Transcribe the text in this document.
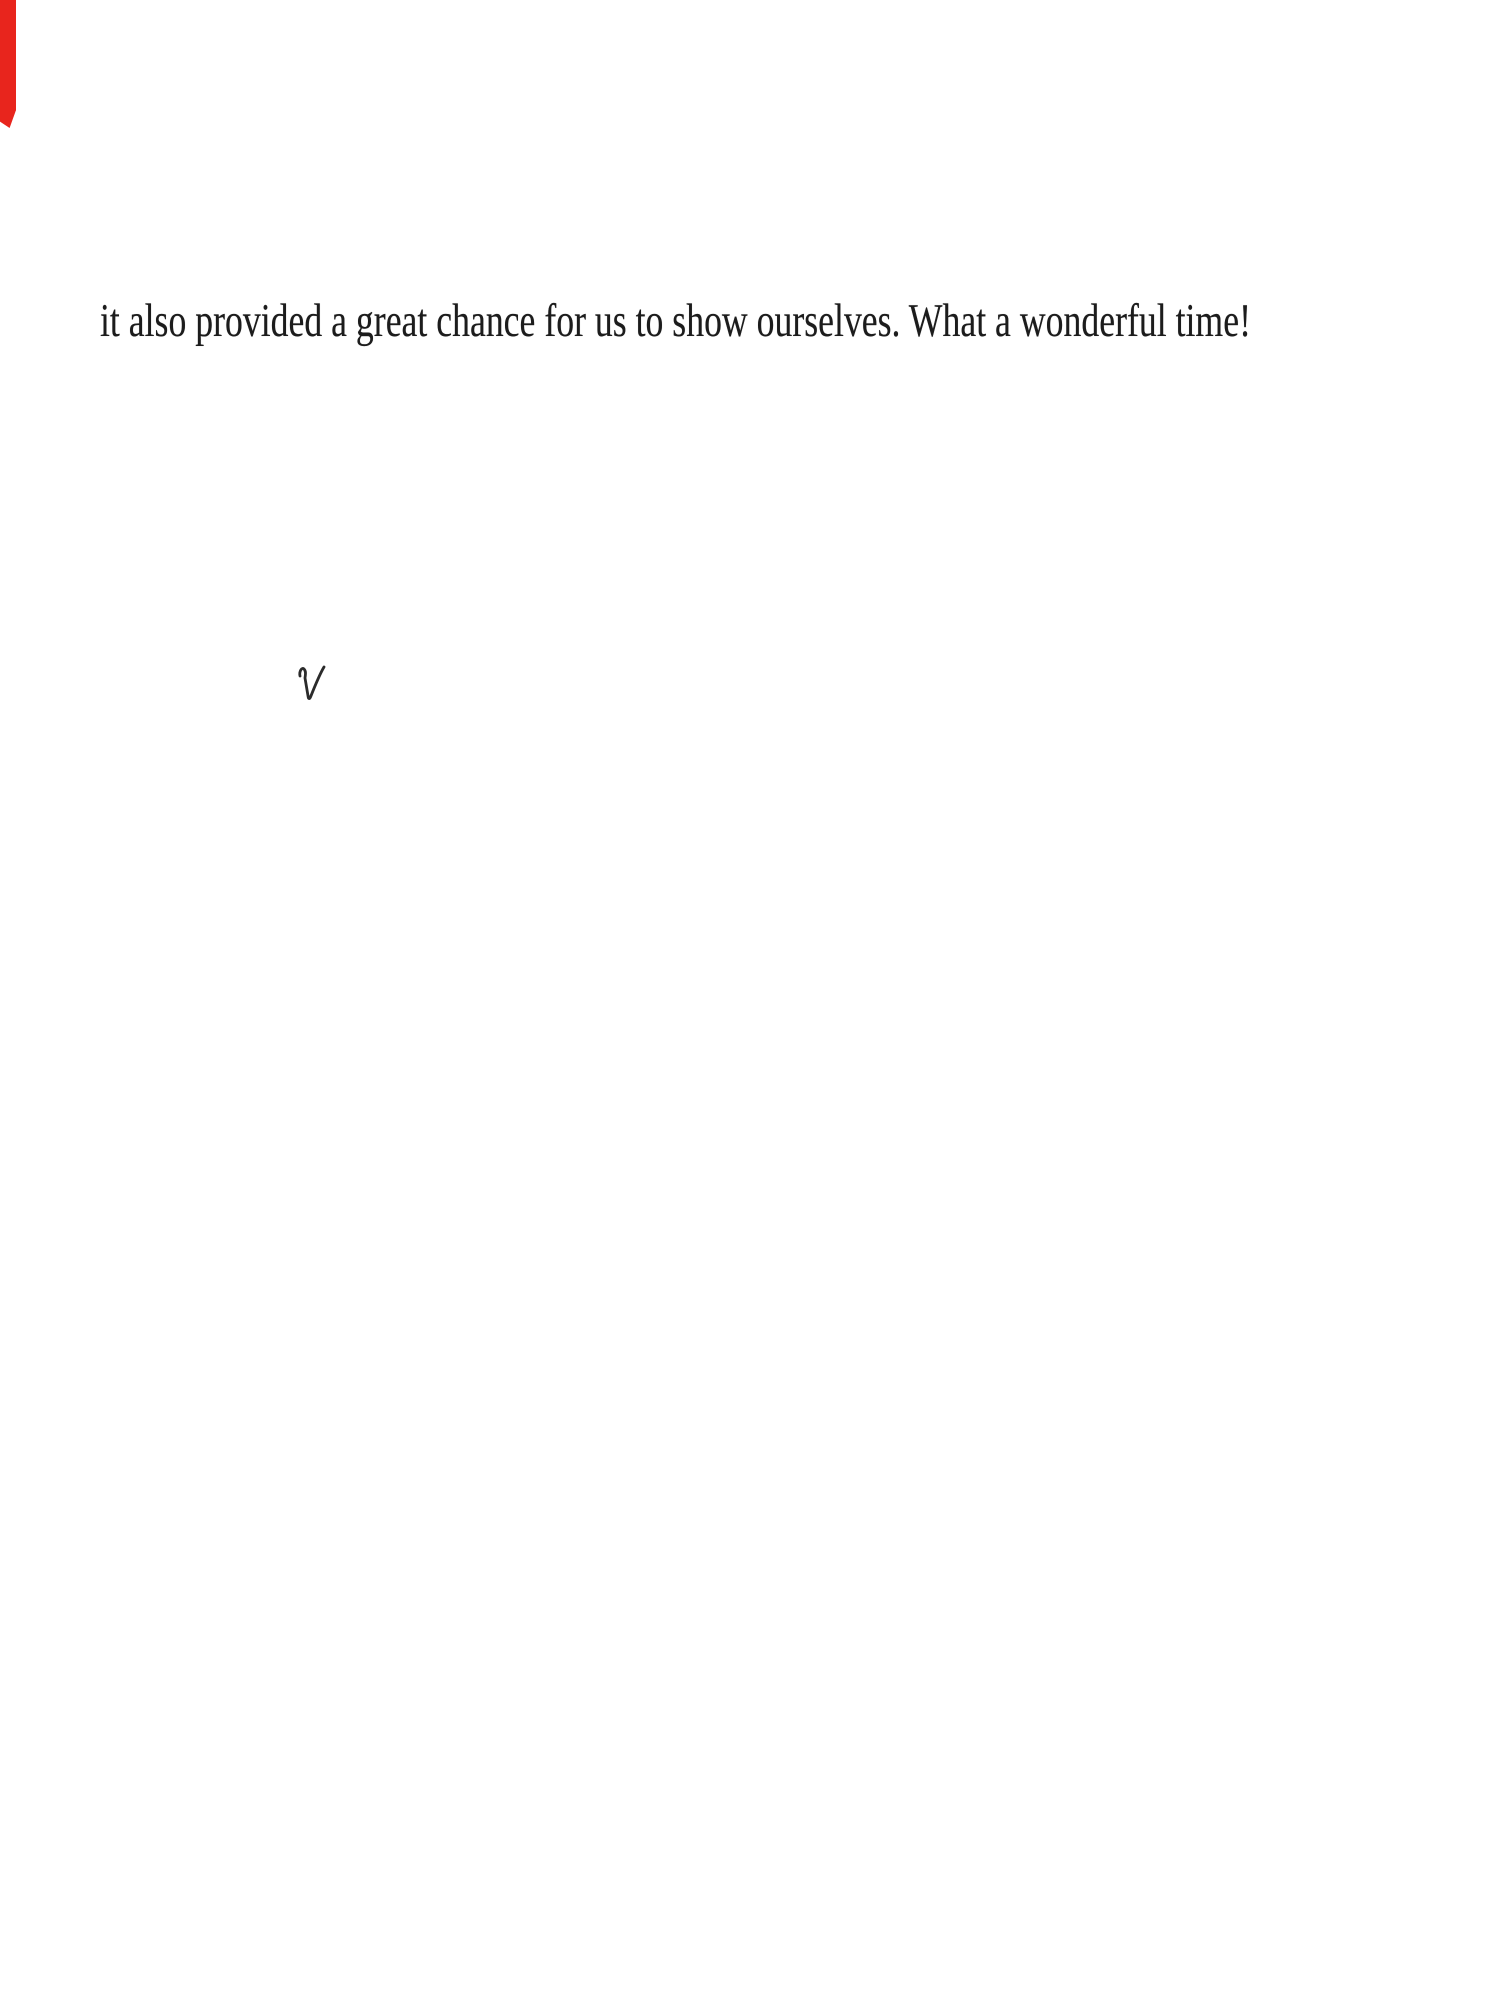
it also provided a great chance for us to show ourselves. What a wonderful time!
